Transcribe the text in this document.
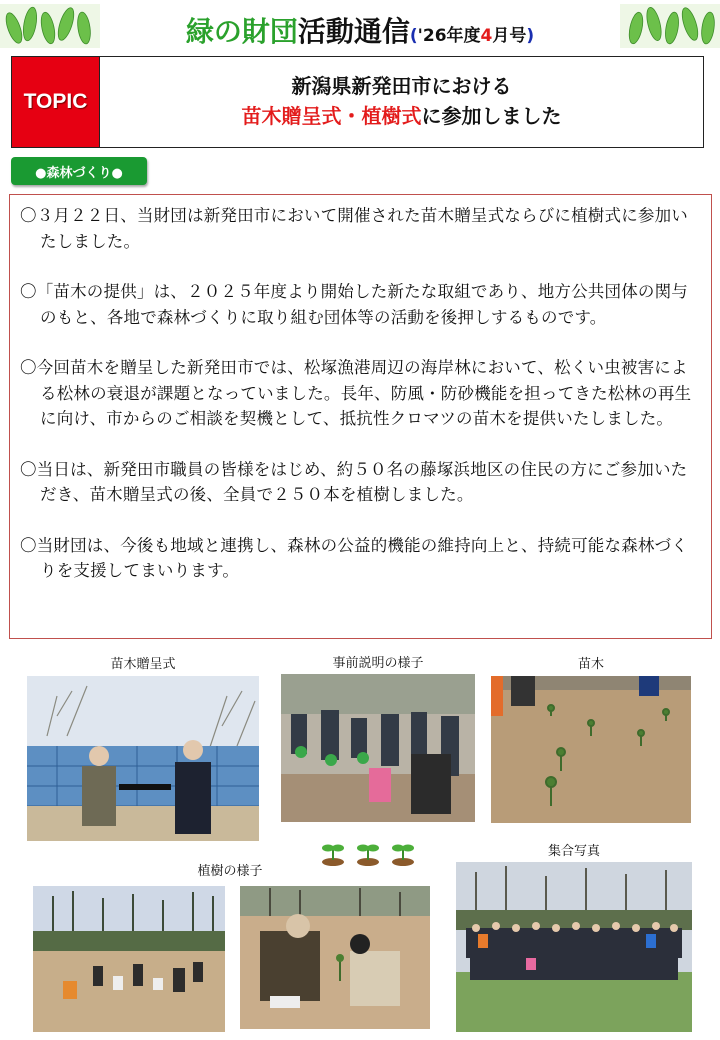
緑の財団活動通信('26年度4月号)
TOPIC
新潟県新発田市における
苗木贈呈式・植樹式に参加しました
●森林づくり●

〇３月２２日、当財団は新発田市において開催された苗木贈呈式ならびに植樹式に参加いたしました。

〇「苗木の提供」は、２０２５年度より開始した新たな取組であり、地方公共団体の関与のもと、各地で森林づくりに取り組む団体等の活動を後押しするものです。

〇今回苗木を贈呈した新発田市では、松塚漁港周辺の海岸林において、松くい虫被害による松林の衰退が課題となっていました。長年、防風・防砂機能を担ってきた松林の再生に向け、市からのご相談を契機として、抵抗性クロマツの苗木を提供いたしました。

〇当日は、新発田市職員の皆様をはじめ、約５０名の藤塚浜地区の住民の方にご参加いただき、苗木贈呈式の後、全員で２５０本を植樹しました。

〇当財団は、今後も地域と連携し、森林の公益的機能の維持向上と、持続可能な森林づくりを支援してまいります。

苗木贈呈式	事前説明の様子	苗木
植樹の様子
集合写真
